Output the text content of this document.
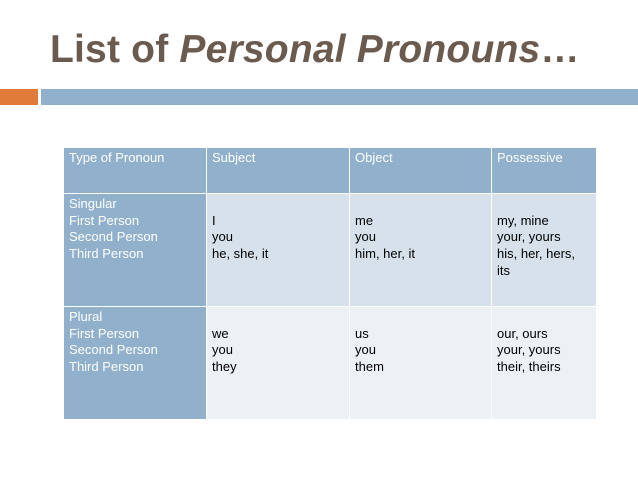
List of Personal Pronouns…
Type of Pronoun	Subject	Object	Possessive

Singular
First Person
Second Person
Third Person	I
you
he, she, it	me
you
him, her, it	my, mine
your, yours
his, her, hers,
its

Plural
First Person
Second Person
Third Person	we
you
they	us
you
them	our, ours
your, yours
their, theirs
